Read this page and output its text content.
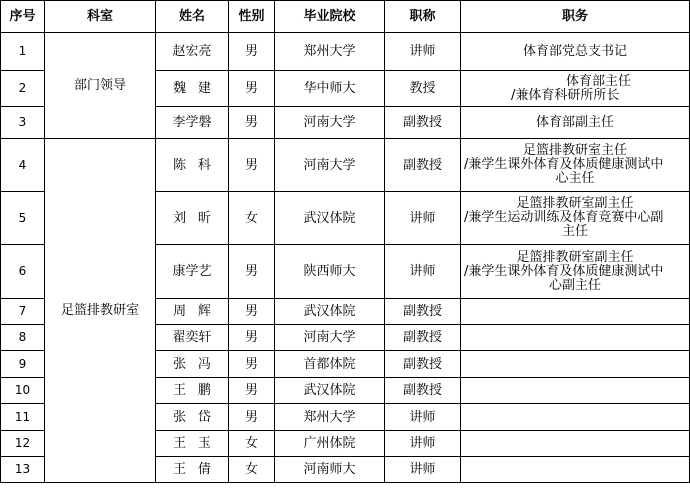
序号	科室	姓名	性别	毕业院校	职称	职务
1	部门领导	赵宏亮	男	郑州大学	讲师	体育部党总支书记

2		魏建	男	华中师大	教授	体育部主任
/兼体育科研所所长

3		李学磐	男	河南大学	副教授	体育部副主任

4	足篮排教研室	陈科	男	河南大学	副教授	足篮排教研室主任
/兼学生课外体育及体质健康测试中
心主任

5		刘昕	女	武汉体院	讲师	足篮排教研室副主任
/兼学生运动训练及体育竞赛中心副
主任

6		康学艺	男	陕西师大	讲师	足篮排教研室副主任
/兼学生课外体育及体质健康测试中
心副主任

7		周辉	男	武汉体院	副教授	
8		翟奕轩	男	河南大学	副教授	
9		张冯	男	首都体院	副教授	
10		王鹏	男	武汉体院	副教授	
11		张岱	男	郑州大学	讲师	
12		王玉	女	广州体院	讲师	
13		王倩	女	河南师大	讲师	
